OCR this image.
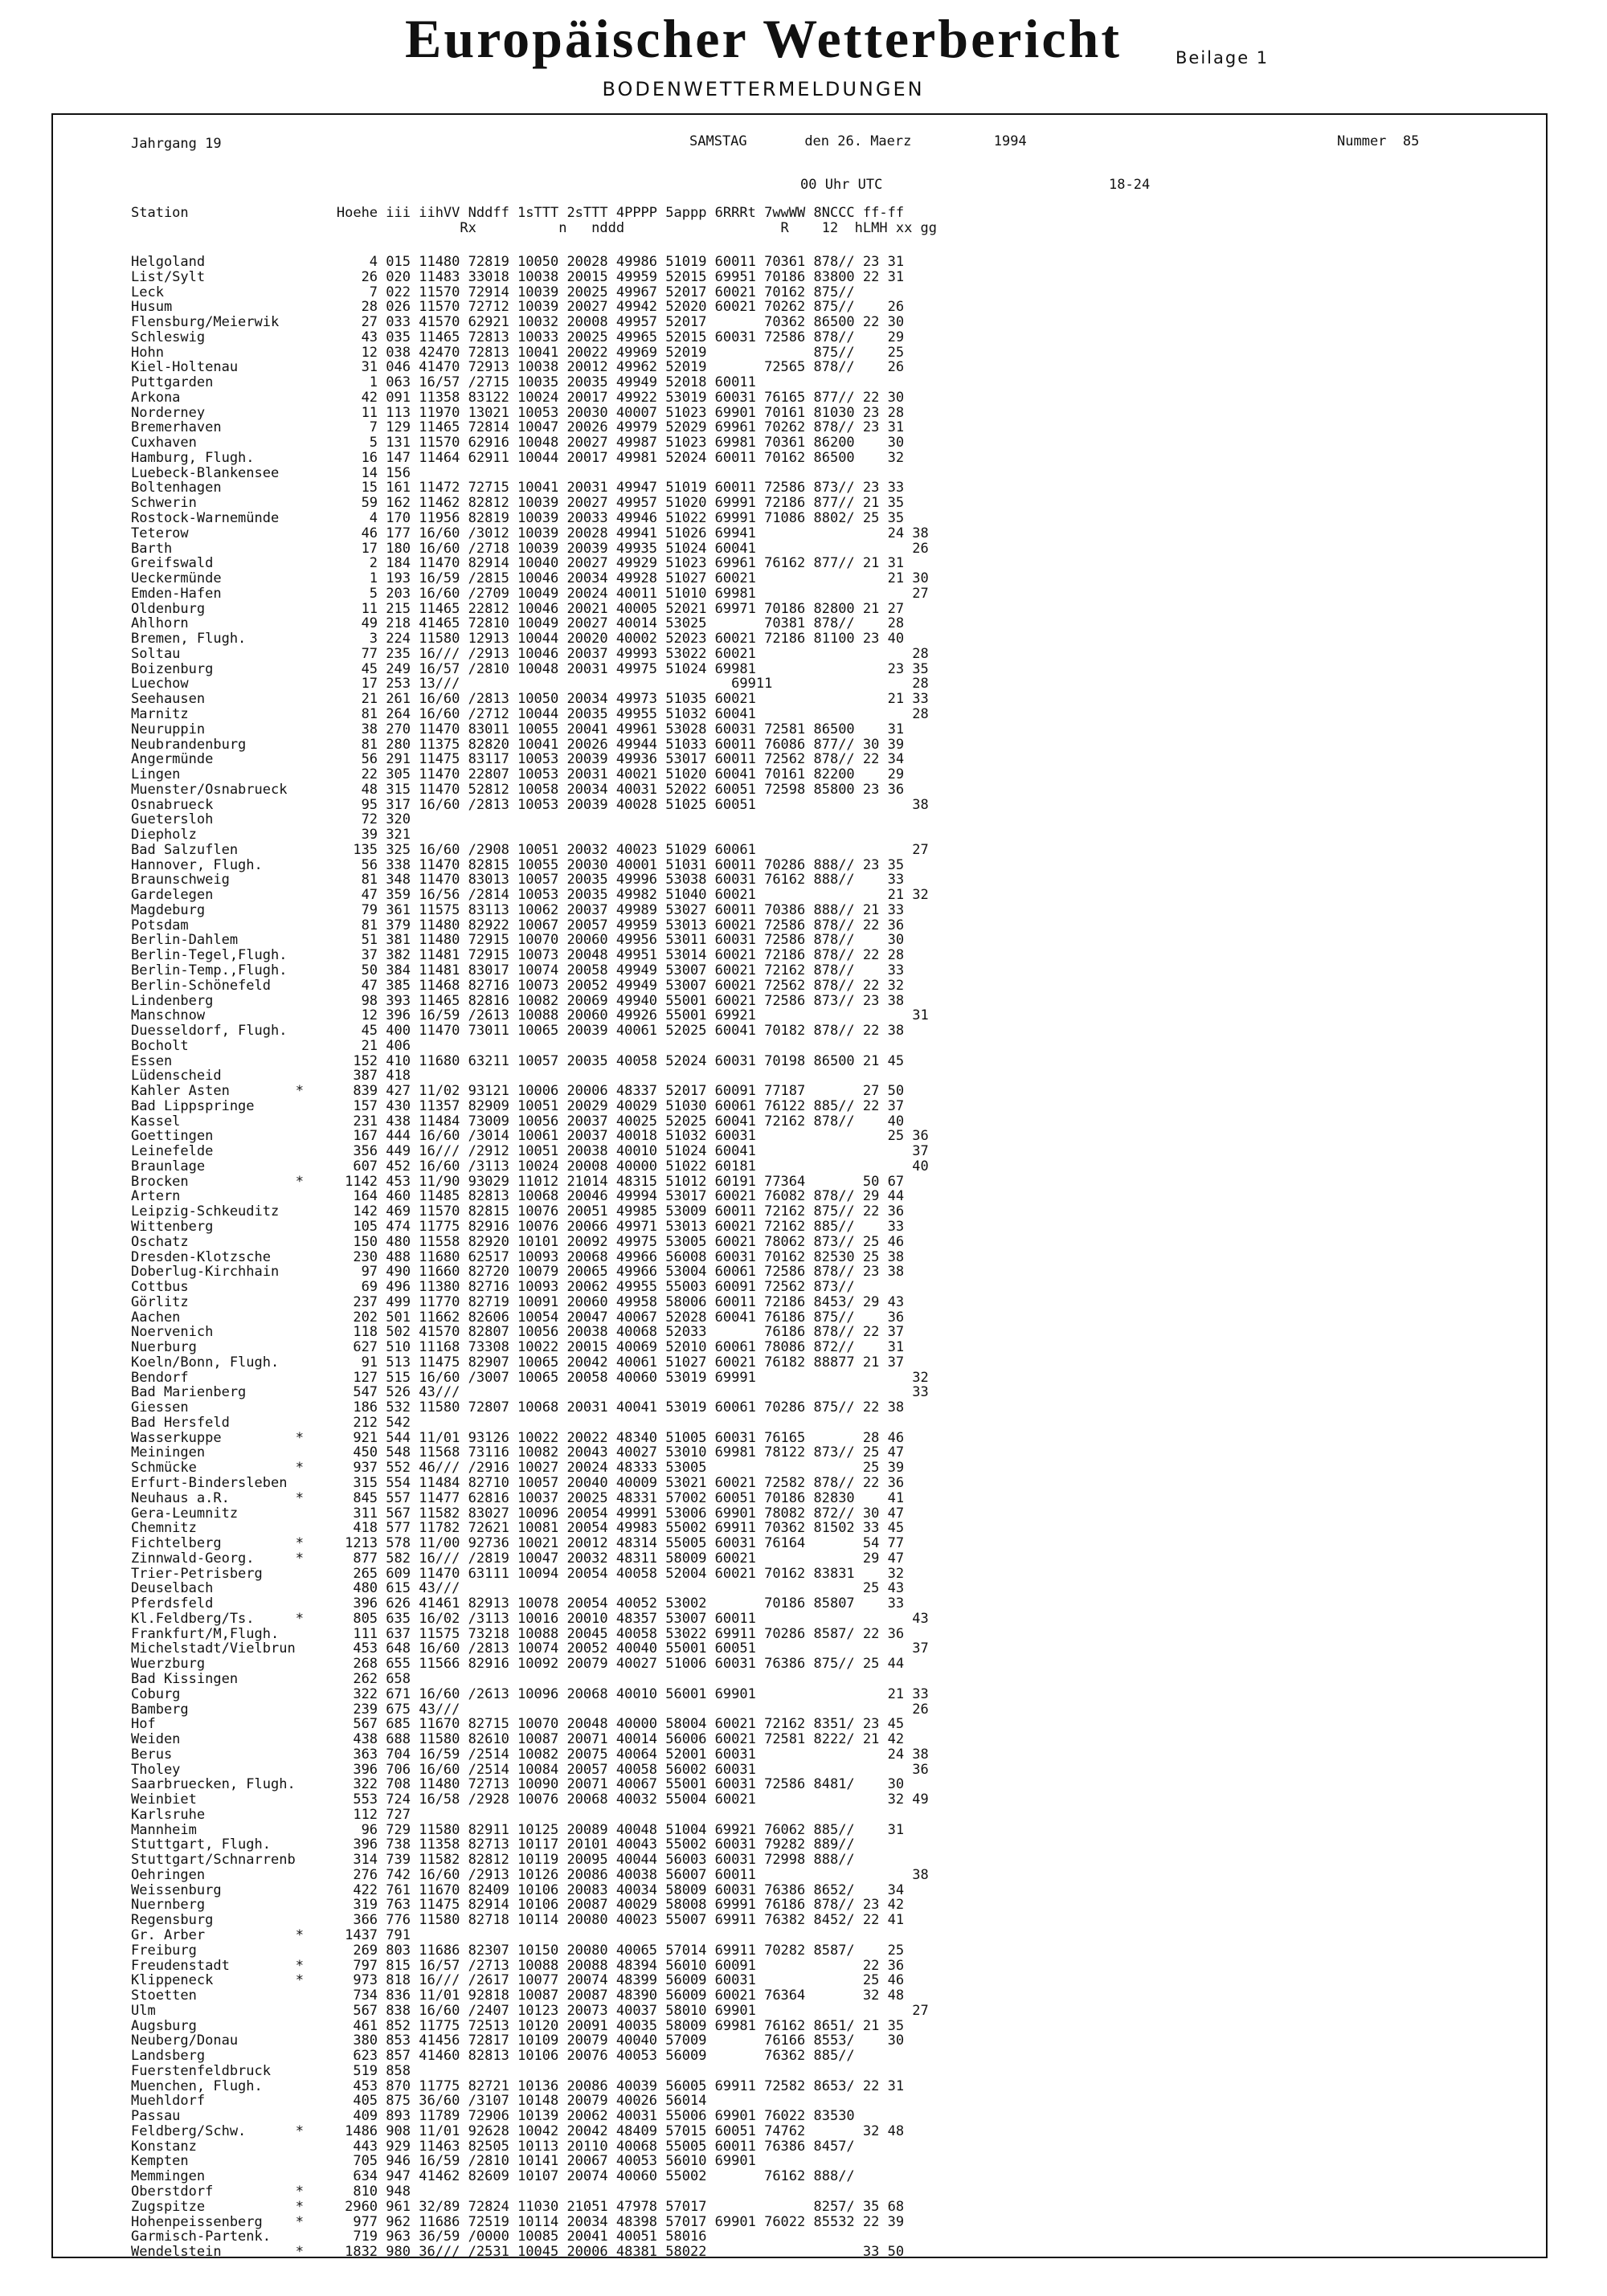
Europäischer Wetterbericht	Beilage 1
BODENWETTERMELDUNGEN
Jahrgang 19	SAMSTAG	den 26. Maerz	1994	Nummer  85
00 Uhr UTC	18-24
Station                  Hoehe iii iihVV Nddff 1sTTT 2sTTT 4PPPP 5appp 6RRRt 7wwWW 8NCCC ff-ff
Rx          n   nddd                   R    12  hLMH xx gg
Helgoland                    4 015 11480 72819 10050 20028 49986 51019 60011 70361 878// 23 31
List/Sylt                   26 020 11483 33018 10038 20015 49959 52015 69951 70186 83800 22 31
Leck                         7 022 11570 72914 10039 20025 49967 52017 60021 70162 875//
Husum                       28 026 11570 72712 10039 20027 49942 52020 60021 70262 875//    26
Flensburg/Meierwik          27 033 41570 62921 10032 20008 49957 52017       70362 86500 22 30
Schleswig                   43 035 11465 72813 10033 20025 49965 52015 60031 72586 878//    29
Hohn                        12 038 42470 72813 10041 20022 49969 52019             875//    25
Kiel-Holtenau               31 046 41470 72913 10038 20012 49962 52019       72565 878//    26
Puttgarden                   1 063 16/57 /2715 10035 20035 49949 52018 60011
Arkona                      42 091 11358 83122 10024 20017 49922 53019 60031 76165 877// 22 30
Norderney                   11 113 11970 13021 10053 20030 40007 51023 69901 70161 81030 23 28
Bremerhaven                  7 129 11465 72814 10047 20026 49979 52029 69961 70262 878// 23 31
Cuxhaven                     5 131 11570 62916 10048 20027 49987 51023 69981 70361 86200    30
Hamburg, Flugh.             16 147 11464 62911 10044 20017 49981 52024 60011 70162 86500    32
Luebeck-Blankensee          14 156
Boltenhagen                 15 161 11472 72715 10041 20031 49947 51019 60011 72586 873// 23 33
Schwerin                    59 162 11462 82812 10039 20027 49957 51020 69991 72186 877// 21 35
Rostock-Warnemünde           4 170 11956 82819 10039 20033 49946 51022 69991 71086 8802/ 25 35
Teterow                     46 177 16/60 /3012 10039 20028 49941 51026 69941                24 38
Barth                       17 180 16/60 /2718 10039 20039 49935 51024 60041                   26
Greifswald                   2 184 11470 82914 10040 20027 49929 51023 69961 76162 877// 21 31
Ueckermünde                  1 193 16/59 /2815 10046 20034 49928 51027 60021                21 30
Emden-Hafen                  5 203 16/60 /2709 10049 20024 40011 51010 69981                   27
Oldenburg                   11 215 11465 22812 10046 20021 40005 52021 69971 70186 82800 21 27
Ahlhorn                     49 218 41465 72810 10049 20027 40014 53025       70381 878//    28
Bremen, Flugh.               3 224 11580 12913 10044 20020 40002 52023 60021 72186 81100 23 40
Soltau                      77 235 16/// /2913 10046 20037 49993 53022 60021                   28
Boizenburg                  45 249 16/57 /2810 10048 20031 49975 51024 69981                23 35
Luechow                     17 253 13///                                 69911                 28
Seehausen                   21 261 16/60 /2813 10050 20034 49973 51035 60021                21 33
Marnitz                     81 264 16/60 /2712 10044 20035 49955 51032 60041                   28
Neuruppin                   38 270 11470 83011 10055 20041 49961 53028 60031 72581 86500    31
Neubrandenburg              81 280 11375 82820 10041 20026 49944 51033 60011 76086 877// 30 39
Angermünde                  56 291 11475 83117 10053 20039 49936 53017 60011 72562 878// 22 34
Lingen                      22 305 11470 22807 10053 20031 40021 51020 60041 70161 82200    29
Muenster/Osnabrueck         48 315 11470 52812 10058 20034 40031 52022 60051 72598 85800 23 36
Osnabrueck                  95 317 16/60 /2813 10053 20039 40028 51025 60051                   38
Guetersloh                  72 320
Diepholz                    39 321
Bad Salzuflen              135 325 16/60 /2908 10051 20032 40023 51029 60061                   27
Hannover, Flugh.            56 338 11470 82815 10055 20030 40001 51031 60011 70286 888// 23 35
Braunschweig                81 348 11470 83013 10057 20035 49996 53038 60031 76162 888//    33
Gardelegen                  47 359 16/56 /2814 10053 20035 49982 51040 60021                21 32
Magdeburg                   79 361 11575 83113 10062 20037 49989 53027 60011 70386 888// 21 33
Potsdam                     81 379 11480 82922 10067 20057 49959 53013 60021 72586 878// 22 36
Berlin-Dahlem               51 381 11480 72915 10070 20060 49956 53011 60031 72586 878//    30
Berlin-Tegel,Flugh.         37 382 11481 72915 10073 20048 49951 53014 60021 72186 878// 22 28
Berlin-Temp.,Flugh.         50 384 11481 83017 10074 20058 49949 53007 60021 72162 878//    33
Berlin-Schönefeld           47 385 11468 82716 10073 20052 49949 53007 60021 72562 878// 22 32
Lindenberg                  98 393 11465 82816 10082 20069 49940 55001 60021 72586 873// 23 38
Manschnow                   12 396 16/59 /2613 10088 20060 49926 55001 69921                   31
Duesseldorf, Flugh.         45 400 11470 73011 10065 20039 40061 52025 60041 70182 878// 22 38
Bocholt                     21 406
Essen                      152 410 11680 63211 10057 20035 40058 52024 60031 70198 86500 21 45
Lüdenscheid                387 418
Kahler Asten        *      839 427 11/02 93121 10006 20006 48337 52017 60091 77187       27 50
Bad Lippspringe            157 430 11357 82909 10051 20029 40029 51030 60061 76122 885// 22 37
Kassel                     231 438 11484 73009 10056 20037 40025 52025 60041 72162 878//    40
Goettingen                 167 444 16/60 /3014 10061 20037 40018 51032 60031                25 36
Leinefelde                 356 449 16/// /2912 10051 20038 40010 51024 60041                   37
Braunlage                  607 452 16/60 /3113 10024 20008 40000 51022 60181                   40
Brocken             *     1142 453 11/90 93029 11012 21014 48315 51012 60191 77364       50 67
Artern                     164 460 11485 82813 10068 20046 49994 53017 60021 76082 878// 29 44
Leipzig-Schkeuditz         142 469 11570 82815 10076 20051 49985 53009 60011 72162 875// 22 36
Wittenberg                 105 474 11775 82916 10076 20066 49971 53013 60021 72162 885//    33
Oschatz                    150 480 11558 82920 10101 20092 49975 53005 60021 78062 873// 25 46
Dresden-Klotzsche          230 488 11680 62517 10093 20068 49966 56008 60031 70162 82530 25 38
Doberlug-Kirchhain          97 490 11660 82720 10079 20065 49966 53004 60061 72586 878// 23 38
Cottbus                     69 496 11380 82716 10093 20062 49955 55003 60091 72562 873//
Görlitz                    237 499 11770 82719 10091 20060 49958 58006 60011 72186 8453/ 29 43
Aachen                     202 501 11662 82606 10054 20047 40067 52028 60041 76186 875//    36
Noervenich                 118 502 41570 82807 10056 20038 40068 52033       76186 878// 22 37
Nuerburg                   627 510 11168 73308 10022 20015 40069 52010 60061 78086 872//    31
Koeln/Bonn, Flugh.          91 513 11475 82907 10065 20042 40061 51027 60021 76182 88877 21 37
Bendorf                    127 515 16/60 /3007 10065 20058 40060 53019 69991                   32
Bad Marienberg             547 526 43///                                                       33
Giessen                    186 532 11580 72807 10068 20031 40041 53019 60061 70286 875// 22 38
Bad Hersfeld               212 542
Wasserkuppe         *      921 544 11/01 93126 10022 20022 48340 51005 60031 76165       28 46
Meiningen                  450 548 11568 73116 10082 20043 40027 53010 69981 78122 873// 25 47
Schmücke            *      937 552 46/// /2916 10027 20024 48333 53005                   25 39
Erfurt-Bindersleben        315 554 11484 82710 10057 20040 40009 53021 60021 72582 878// 22 36
Neuhaus a.R.        *      845 557 11477 62816 10037 20025 48331 57002 60051 70186 82830    41
Gera-Leumnitz              311 567 11582 83027 10096 20054 49991 53006 69901 78082 872// 30 47
Chemnitz                   418 577 11782 72621 10081 20054 49983 55002 69911 70362 81502 33 45
Fichtelberg         *     1213 578 11/00 92736 10021 20012 48314 55005 60031 76164       54 77
Zinnwald-Georg.     *      877 582 16/// /2819 10047 20032 48311 58009 60021             29 47
Trier-Petrisberg           265 609 11470 63111 10094 20054 40058 52004 60021 70162 83831    32
Deuselbach                 480 615 43///                                                 25 43
Pferdsfeld                 396 626 41461 82913 10078 20054 40052 53002       70186 85807    33
Kl.Feldberg/Ts.     *      805 635 16/02 /3113 10016 20010 48357 53007 60011                   43
Frankfurt/M,Flugh.         111 637 11575 73218 10088 20045 40058 53022 69911 70286 8587/ 22 36
Michelstadt/Vielbrun       453 648 16/60 /2813 10074 20052 40040 55001 60051                   37
Wuerzburg                  268 655 11566 82916 10092 20079 40027 51006 60031 76386 875// 25 44
Bad Kissingen              262 658
Coburg                     322 671 16/60 /2613 10096 20068 40010 56001 69901                21 33
Bamberg                    239 675 43///                                                       26
Hof                        567 685 11670 82715 10070 20048 40000 58004 60021 72162 8351/ 23 45
Weiden                     438 688 11580 82610 10087 20071 40014 56006 60021 72581 8222/ 21 42
Berus                      363 704 16/59 /2514 10082 20075 40064 52001 60031                24 38
Tholey                     396 706 16/60 /2514 10084 20057 40058 56002 60031                   36
Saarbruecken, Flugh.       322 708 11480 72713 10090 20071 40067 55001 60031 72586 8481/    30
Weinbiet                   553 724 16/58 /2928 10076 20068 40032 55004 60021                32 49
Karlsruhe                  112 727
Mannheim                    96 729 11580 82911 10125 20089 40048 51004 69921 76062 885//    31
Stuttgart, Flugh.          396 738 11358 82713 10117 20101 40043 55002 60031 79282 889//
Stuttgart/Schnarrenb       314 739 11582 82812 10119 20095 40044 56003 60031 72998 888//
Oehringen                  276 742 16/60 /2913 10126 20086 40038 56007 60011                   38
Weissenburg                422 761 11670 82409 10106 20083 40034 58009 60031 76386 8652/    34
Nuernberg                  319 763 11475 82914 10106 20087 40029 58008 69991 76186 878// 23 42
Regensburg                 366 776 11580 82718 10114 20080 40023 55007 69911 76382 8452/ 22 41
Gr. Arber           *     1437 791
Freiburg                   269 803 11686 82307 10150 20080 40065 57014 69911 70282 8587/    25
Freudenstadt        *      797 815 16/57 /2713 10088 20088 48394 56010 60091             22 36
Klippeneck          *      973 818 16/// /2617 10077 20074 48399 56009 60031             25 46
Stoetten                   734 836 11/01 92818 10087 20087 48390 56009 60021 76364       32 48
Ulm                        567 838 16/60 /2407 10123 20073 40037 58010 69901                   27
Augsburg                   461 852 11775 72513 10120 20091 40035 58009 69981 76162 8651/ 21 35
Neuberg/Donau              380 853 41456 72817 10109 20079 40040 57009       76166 8553/    30
Landsberg                  623 857 41460 82813 10106 20076 40053 56009       76362 885//
Fuerstenfeldbruck          519 858
Muenchen, Flugh.           453 870 11775 82721 10136 20086 40039 56005 69911 72582 8653/ 22 31
Muehldorf                  405 875 36/60 /3107 10148 20079 40026 56014
Passau                     409 893 11789 72906 10139 20062 40031 55006 69901 76022 83530
Feldberg/Schw.      *     1486 908 11/01 92628 10042 20042 48409 57015 60051 74762       32 48
Konstanz                   443 929 11463 82505 10113 20110 40068 55005 60011 76386 8457/
Kempten                    705 946 16/59 /2810 10141 20067 40053 56010 69901
Memmingen                  634 947 41462 82609 10107 20074 40060 55002       76162 888//
Oberstdorf          *      810 948
Zugspitze           *     2960 961 32/89 72824 11030 21051 47978 57017             8257/ 35 68
Hohenpeissenberg    *      977 962 11686 72519 10114 20034 48398 57017 69901 76022 85532 22 39
Garmisch-Partenk.          719 963 36/59 /0000 10085 20041 40051 58016
Wendelstein         *     1832 980 36/// /2531 10045 20006 48381 58022                   33 50
